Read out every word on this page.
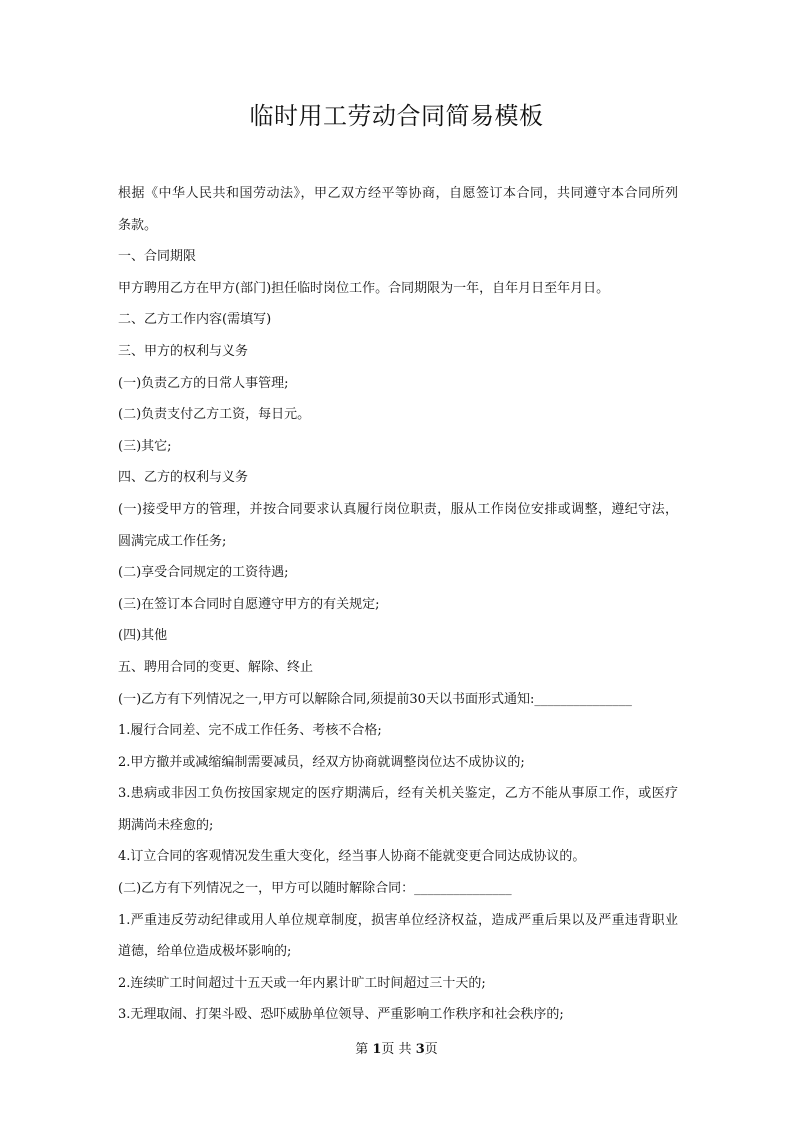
临时用工劳动合同简易模板
根据《中华人民共和国劳动法》，甲乙双方经平等协商，自愿签订本合同，共同遵守本合同所列
条款。
一、合同期限
甲方聘用乙方在甲方(部门)担任临时岗位工作。合同期限为一年，自年月日至年月日。
二、乙方工作内容(需填写)
三、甲方的权利与义务
(一)负责乙方的日常人事管理;
(二)负责支付乙方工资，每日元。
(三)其它;
四、乙方的权利与义务
(一)接受甲方的管理，并按合同要求认真履行岗位职责，服从工作岗位安排或调整，遵纪守法，
圆满完成工作任务;
(二)享受合同规定的工资待遇;
(三)在签订本合同时自愿遵守甲方的有关规定;
(四)其他
五、聘用合同的变更、解除、终止
(一)乙方有下列情况之一,甲方可以解除合同,须提前30天以书面形式通知:_______________
1.履行合同差、完不成工作任务、考核不合格;
2.甲方撤并或减缩编制需要减员，经双方协商就调整岗位达不成协议的;
3.患病或非因工负伤按国家规定的医疗期满后，经有关机关鉴定，乙方不能从事原工作，或医疗
期满尚未痊愈的;
4.订立合同的客观情况发生重大变化，经当事人协商不能就变更合同达成协议的。
(二)乙方有下列情况之一，甲方可以随时解除合同：_______________
1.严重违反劳动纪律或用人单位规章制度，损害单位经济权益，造成严重后果以及严重违背职业
道德，给单位造成极坏影响的;
2.连续旷工时间超过十五天或一年内累计旷工时间超过三十天的;
3.无理取闹、打架斗殴、恐吓威胁单位领导、严重影响工作秩序和社会秩序的;
第 1页 共 3页
